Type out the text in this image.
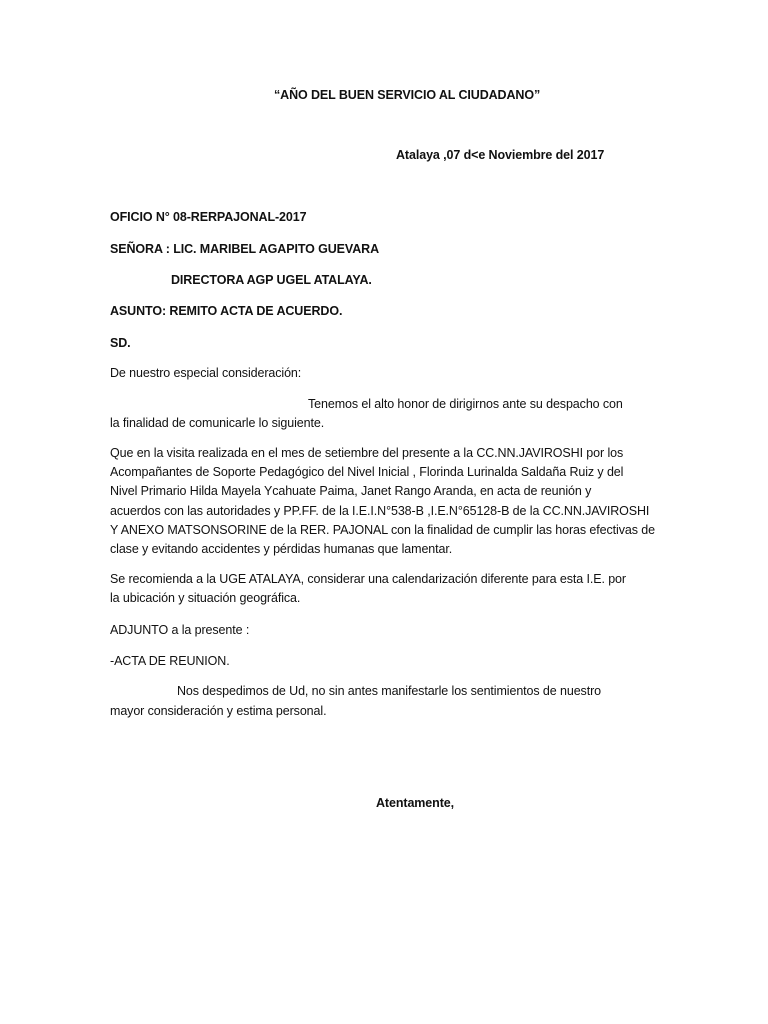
“AÑO DEL BUEN SERVICIO AL CIUDADANO”
Atalaya ,07 d<e Noviembre del 2017
OFICIO N° 08-RERPAJONAL-2017
SEÑORA : LIC. MARIBEL AGAPITO GUEVARA
DIRECTORA AGP UGEL ATALAYA.
ASUNTO: REMITO ACTA DE ACUERDO.
SD.
De nuestro especial consideración:
Tenemos el alto honor de dirigirnos ante su despacho con
la finalidad de comunicarle lo siguiente.
Que en la visita realizada en el mes de setiembre del presente a la CC.NN.JAVIROSHI por los
Acompañantes de Soporte Pedagógico del Nivel Inicial , Florinda Lurinalda Saldaña Ruiz y del
Nivel Primario Hilda Mayela Ycahuate Paima, Janet Rango Aranda, en acta de reunión y
acuerdos con las autoridades y PP.FF. de la I.E.I.N°538-B ,I.E.N°65128-B de la CC.NN.JAVIROSHI
Y ANEXO MATSONSORINE de la RER. PAJONAL con la finalidad de cumplir las horas efectivas de
clase y evitando accidentes y pérdidas humanas que lamentar.
Se recomienda a la UGE ATALAYA, considerar una calendarización diferente para esta I.E. por
la ubicación y situación geográfica.
ADJUNTO a la presente :
-ACTA DE REUNION.
Nos despedimos de Ud, no sin antes manifestarle los sentimientos de nuestro
mayor consideración y estima personal.
Atentamente,
